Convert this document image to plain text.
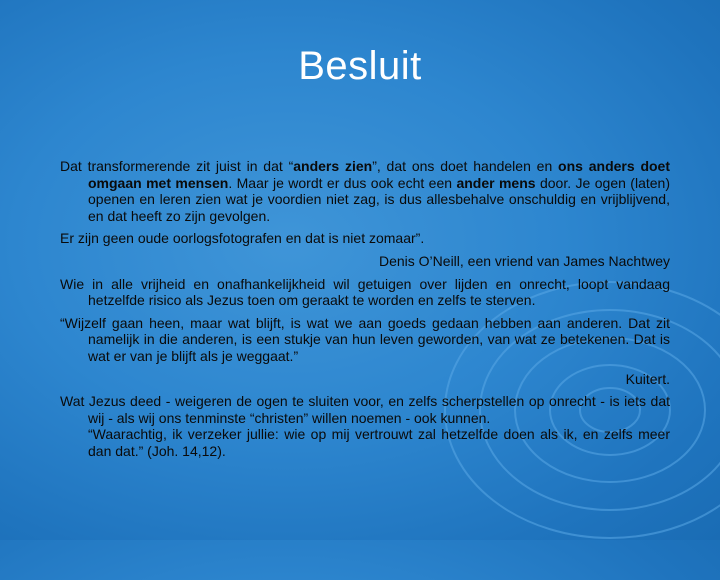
Besluit

Dat transformerende zit juist in dat “anders zien”, dat ons doet handelen en ons anders doet omgaan met mensen. Maar je wordt er dus ook echt een ander mens door. Je ogen (laten) openen en leren zien wat je voordien niet zag, is dus allesbehalve onschuldig en vrijblijvend, en dat heeft zo zijn gevolgen.

Er zijn geen oude oorlogsfotografen en dat is niet zomaar”.

Denis O’Neill, een vriend van James Nachtwey

Wie in alle vrijheid en onafhankelijkheid wil getuigen over lijden en onrecht, loopt vandaag hetzelfde risico als Jezus toen om geraakt te worden en zelfs te sterven.

“Wijzelf gaan heen, maar wat blijft, is wat we aan goeds gedaan hebben aan anderen. Dat zit namelijk in die anderen, is een stukje van hun leven geworden, van wat ze betekenen. Dat is wat er van je blijft als je weggaat.”

Kuitert.

Wat Jezus deed - weigeren de ogen te sluiten voor, en zelfs scherpstellen op onrecht - is iets dat wij - als wij ons tenminste “christen” willen noemen - ook kunnen.

“Waarachtig, ik verzeker jullie: wie op mij vertrouwt zal hetzelfde doen als ik, en zelfs meer dan dat.” (Joh. 14,12).
